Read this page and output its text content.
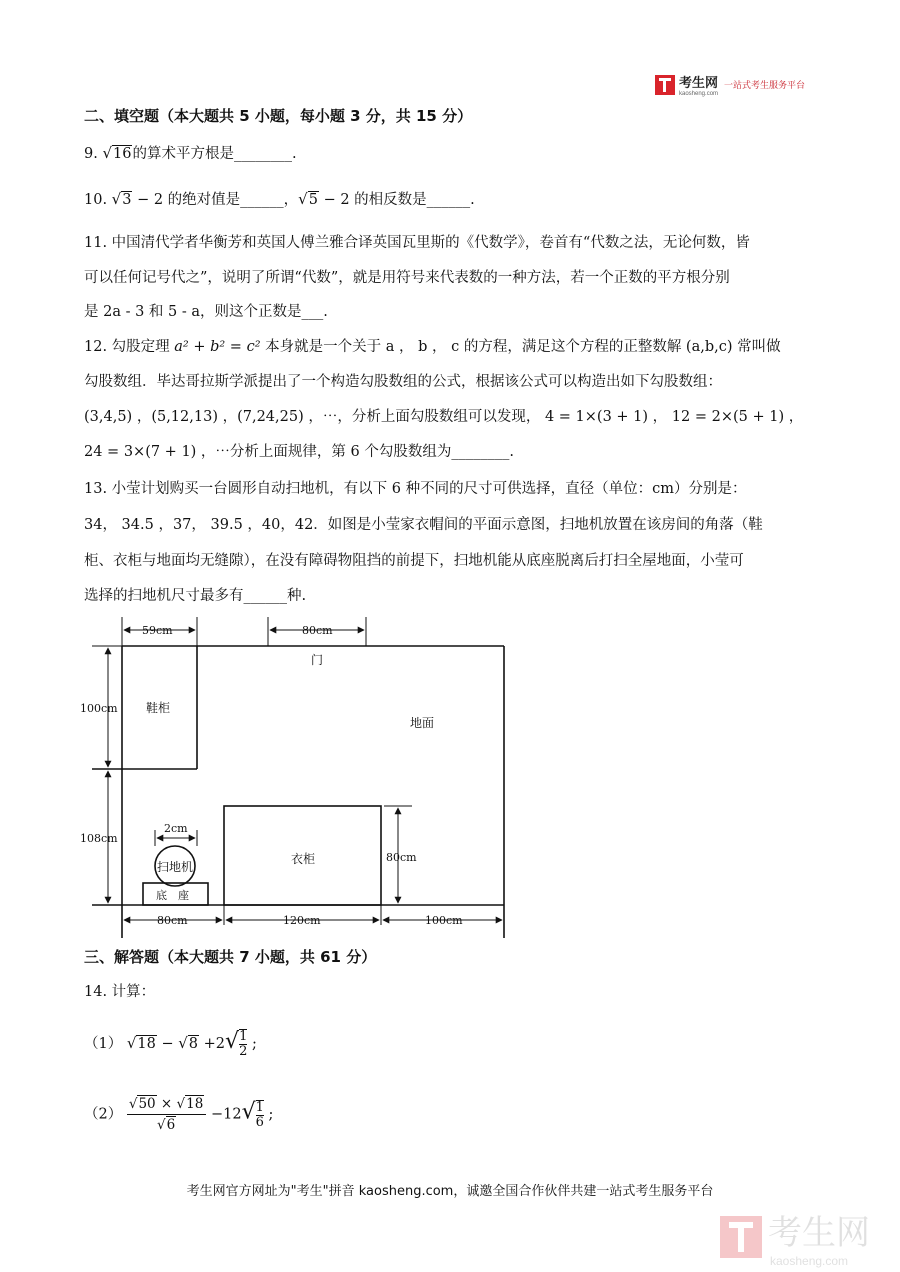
考生网
kaosheng.com
一站式考生服务平台
二、填空题（本大题共 5 小题，每小题 3 分，共 15 分）
9. √16的算术平方根是________.
10. √3 − 2 的绝对值是______，√5 − 2 的相反数是______.
11. 中国清代学者华衡芳和英国人傅兰雅合译英国瓦里斯的《代数学》，卷首有“代数之法，无论何数，皆
可以任何记号代之”，说明了所谓“代数”，就是用符号来代表数的一种方法，若一个正数的平方根分别
是 2a - 3 和 5 - a，则这个正数是___.
12. 勾股定理 a² + b² = c² 本身就是一个关于 a ， b ， c 的方程，满足这个方程的正整数解 (a,b,c) 常叫做
勾股数组．毕达哥拉斯学派提出了一个构造勾股数组的公式，根据该公式可以构造出如下勾股数组：
(3,4,5) ，(5,12,13) ，(7,24,25) ，⋯，分析上面勾股数组可以发现， 4 = 1×(3 + 1) ， 12 = 2×(5 + 1) ，
24 = 3×(7 + 1) ，⋯分析上面规律，第 6 个勾股数组为________.
13. 小莹计划购买一台圆形自动扫地机，有以下 6 种不同的尺寸可供选择，直径（单位：cm）分别是：
34， 34.5 ，37， 39.5 ，40，42．如图是小莹家衣帽间的平面示意图，扫地机放置在该房间的角落（鞋
柜、衣柜与地面均无缝隙），在没有障碍物阻挡的前提下，扫地机能从底座脱离后打扫全屋地面，小莹可
选择的扫地机尺寸最多有______种.
59cm	80cm
门
100cm 鞋柜
地面
108cm
2cm
扫地机
底　座
衣柜	80cm
80cm	120cm	100cm
三、解答题（本大题共 7 小题，共 61 分）
14. 计算：
（1） $√18 - √8 +2√ \frac{1}{2}$ ;
$(2) \frac{√50 \times √18}{√6} -12√ \frac{1}{6}$ ;
考生网官方网址为"考生"拼音 kaosheng.com，诚邀全国合作伙伴共建一站式考生服务平台
考生网
kaosheng.com
